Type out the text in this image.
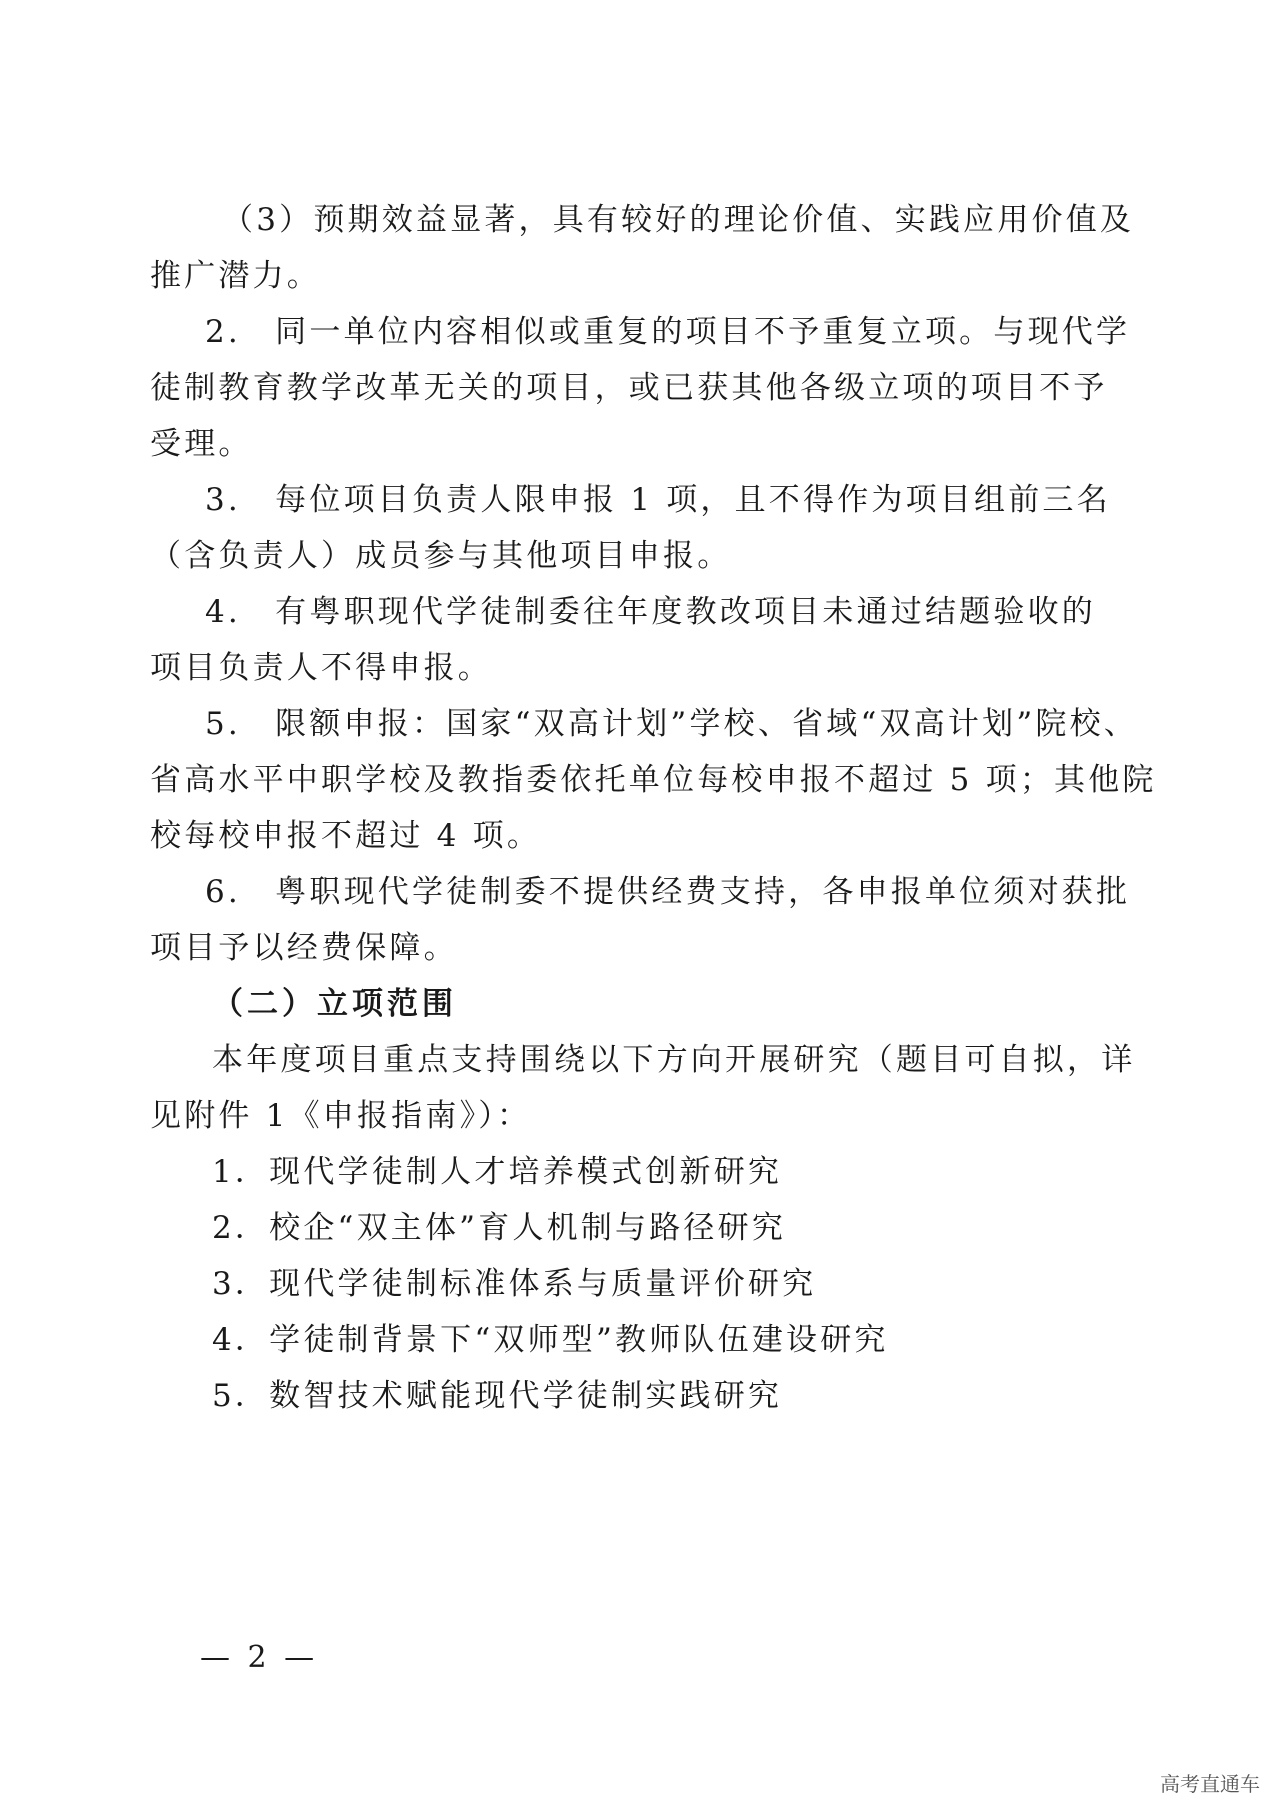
（3）预期效益显著，具有较好的理论价值、实践应用价值及
推广潜力。
2.　同一单位内容相似或重复的项目不予重复立项。与现代学
徒制教育教学改革无关的项目，或已获其他各级立项的项目不予
受理。
3.　每位项目负责人限申报 1 项，且不得作为项目组前三名
（含负责人）成员参与其他项目申报。
4.　有粤职现代学徒制委往年度教改项目未通过结题验收的
项目负责人不得申报。
5.　限额申报：国家“双高计划”学校、省域“双高计划”院校、
省高水平中职学校及教指委依托单位每校申报不超过 5 项；其他院
校每校申报不超过 4 项。
6.　粤职现代学徒制委不提供经费支持，各申报单位须对获批
项目予以经费保障。
（二）立项范围
本年度项目重点支持围绕以下方向开展研究（题目可自拟，详
见附件 1《申报指南》）：
1．现代学徒制人才培养模式创新研究
2．校企“双主体”育人机制与路径研究
3．现代学徒制标准体系与质量评价研究
4．学徒制背景下“双师型”教师队伍建设研究
5．数智技术赋能现代学徒制实践研究
— 2 —
高考直通车
